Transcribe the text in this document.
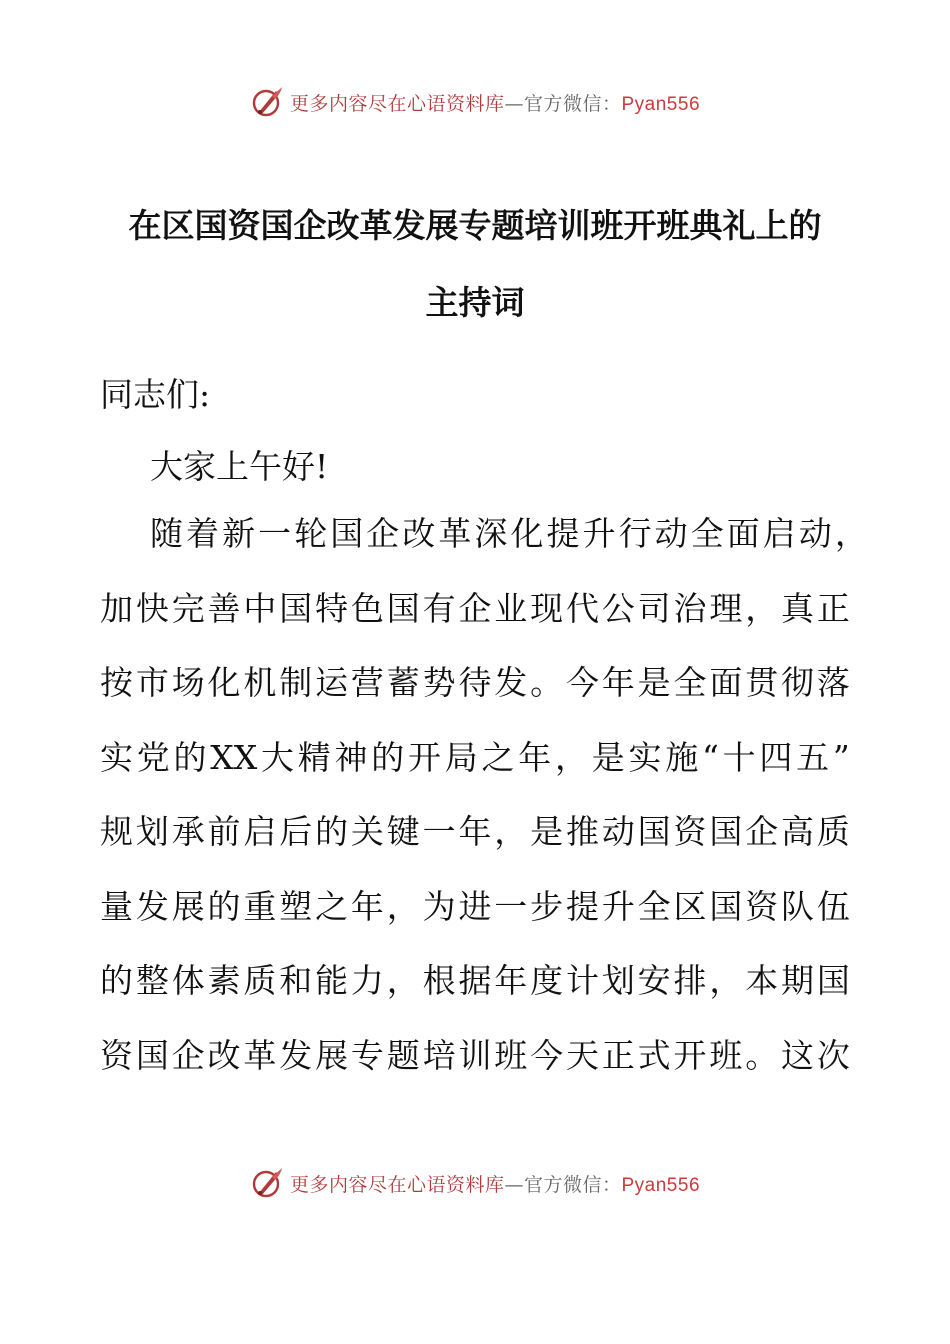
更多内容尽在心语资料库—官方微信：Pyan556
在区国资国企改革发展专题培训班开班典礼上的
主持词

同志们:

大家上午好!

随 着 新 一 轮 国 企 改 革 深 化 提 升 行 动 全 面 启 动 ，

加 快 完 善 中 国 特 色 国 有 企 业 现 代 公 司 治 理 ， 真 正

按 市 场 化 机 制 运 营 蓄 势 待 发 。 今 年 是 全 面 贯 彻 落

实 党 的 XX 大 精 神 的 开 局 之 年 ， 是 实 施 “ 十 四 五 ”

规 划 承 前 启 后 的 关 键 一 年 ， 是 推 动 国 资 国 企 高 质

量 发 展 的 重 塑 之 年 ， 为 进 一 步 提 升 全 区 国 资 队 伍

的 整 体 素 质 和 能 力 ， 根 据 年 度 计 划 安 排 ， 本 期 国

资 国 企 改 革 发 展 专 题 培 训 班 今 天 正 式 开 班 。 这 次

更多内容尽在心语资料库—官方微信：Pyan556
